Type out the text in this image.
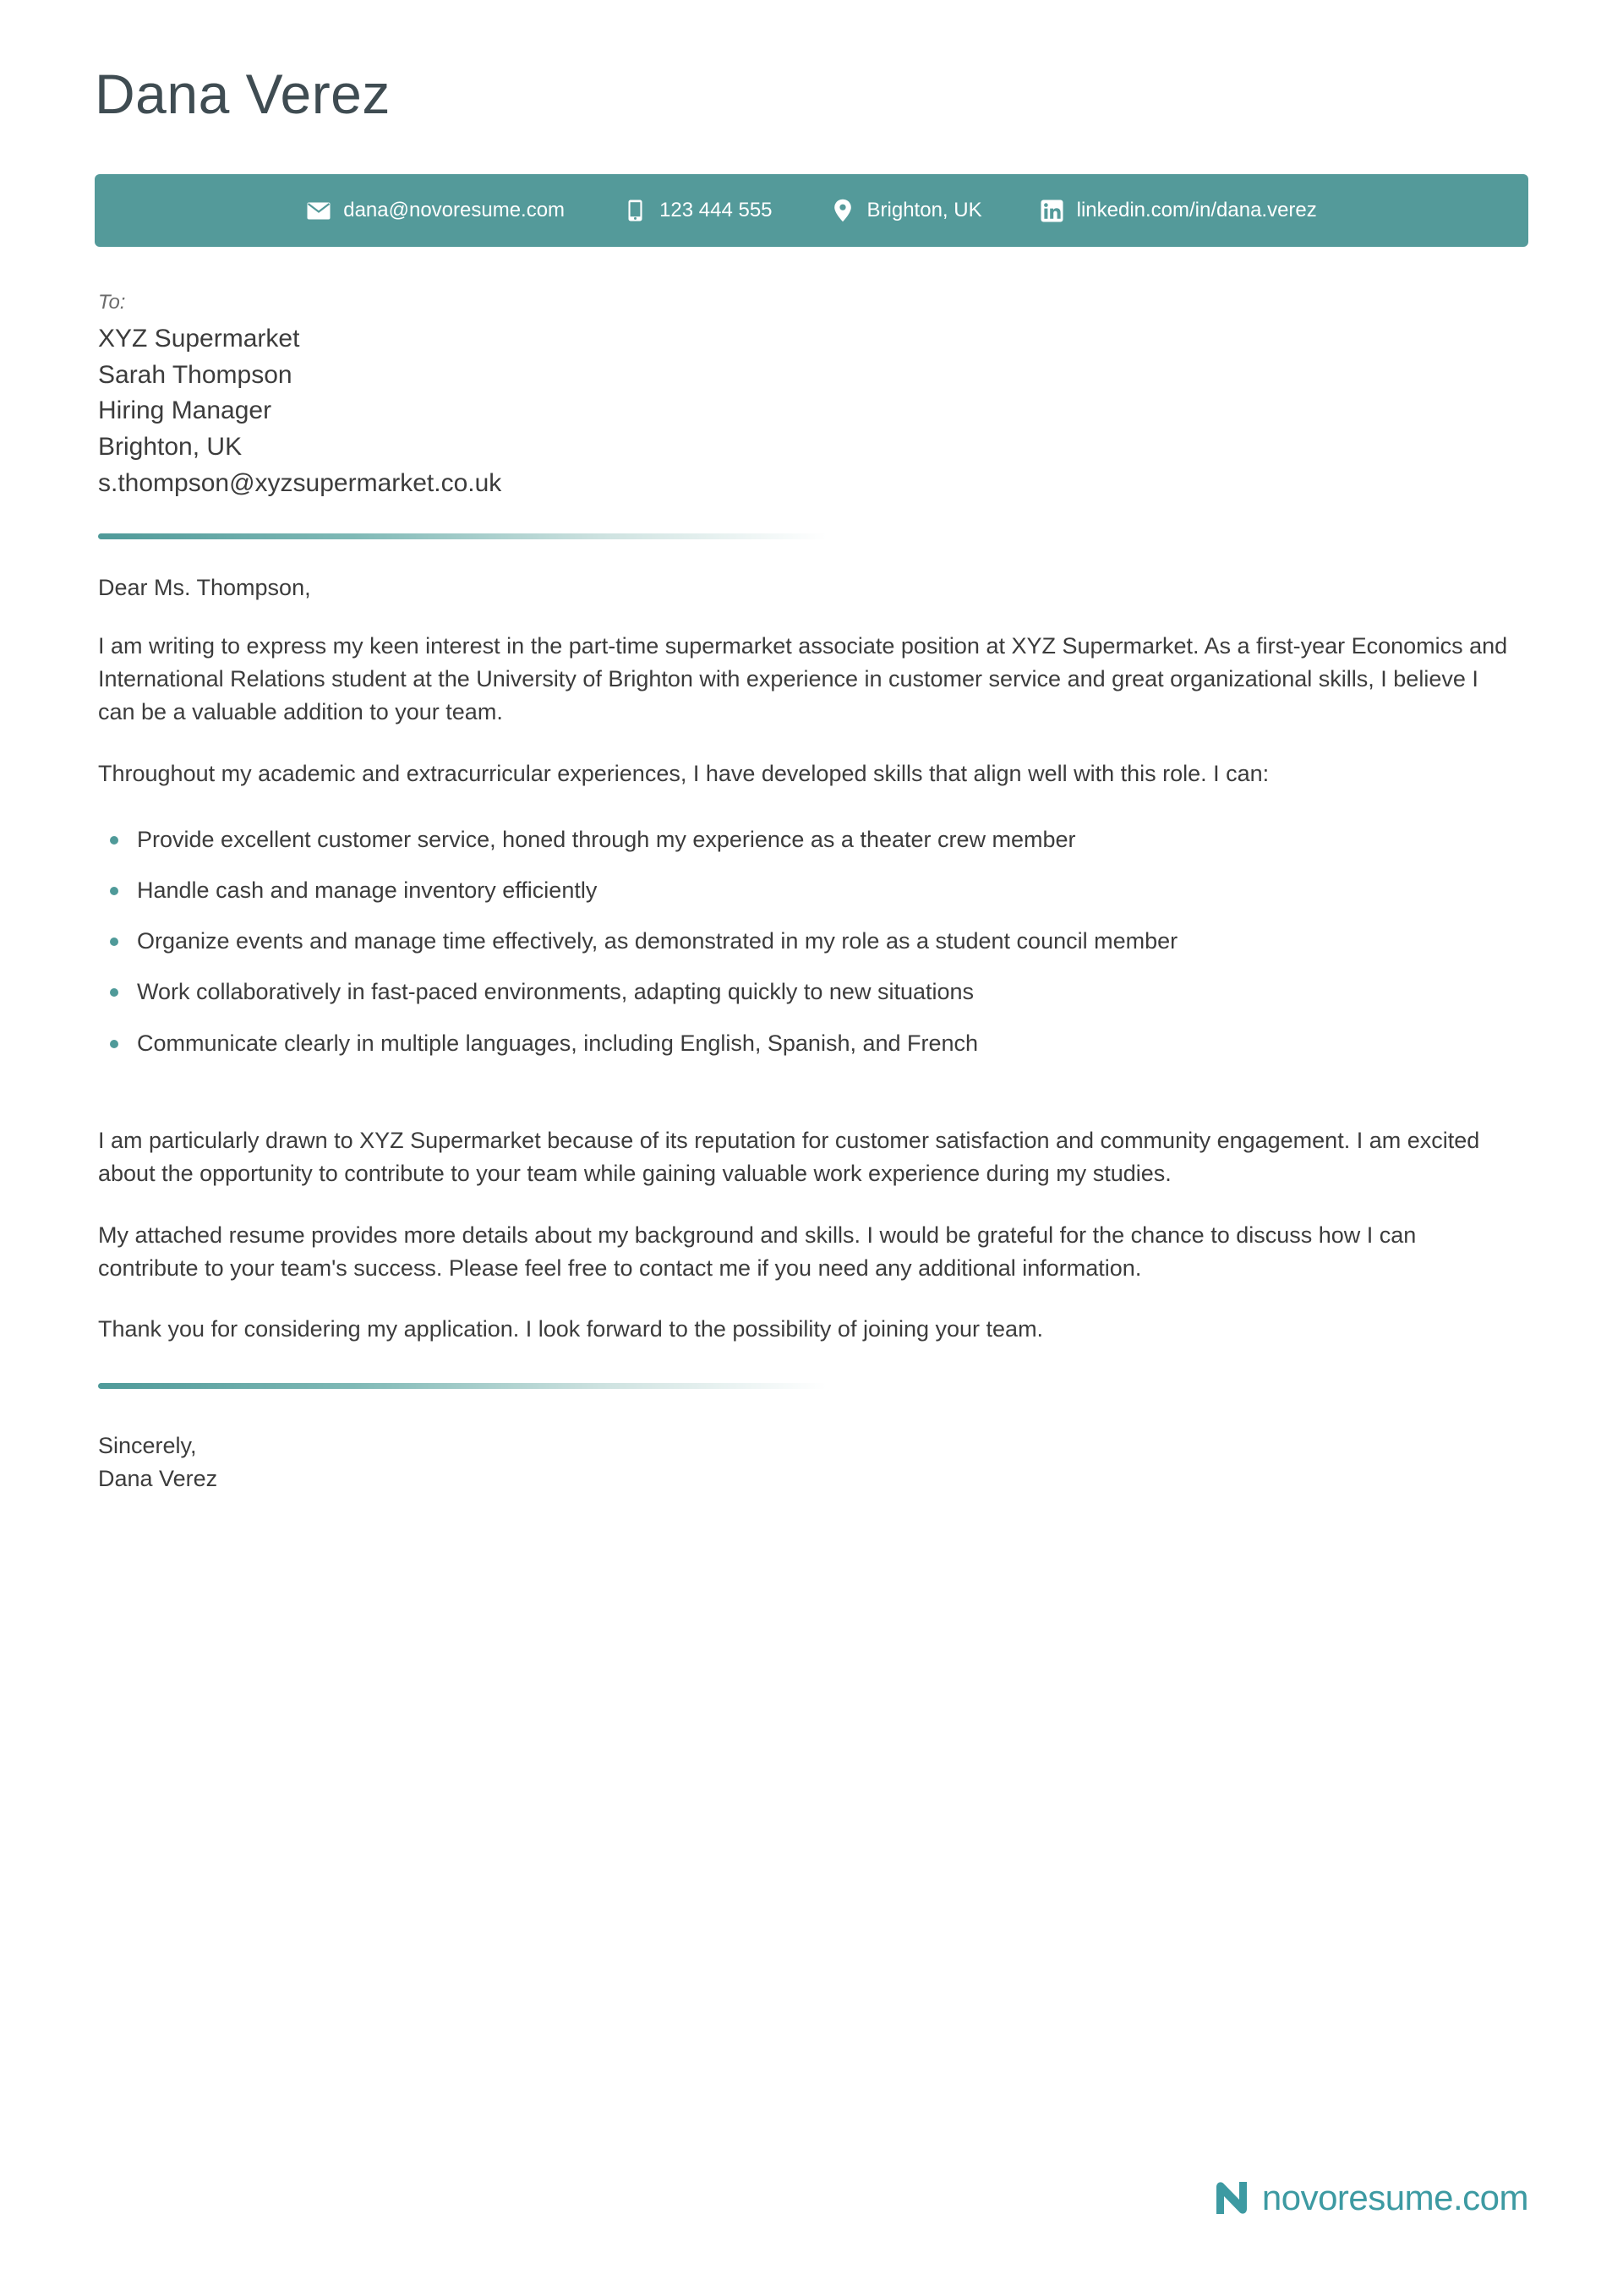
Dana Verez
dana@novoresume.com	123 444 555	Brighton, UK	linkedin.com/in/dana.verez
To:
XYZ Supermarket
Sarah Thompson
Hiring Manager
Brighton, UK
s.thompson@xyzsupermarket.co.uk
Dear Ms. Thompson,

I am writing to express my keen interest in the part-time supermarket associate position at XYZ Supermarket. As a first-year Economics and International Relations student at the University of Brighton with experience in customer service and great organizational skills, I believe I can be a valuable addition to your team.

Throughout my academic and extracurricular experiences, I have developed skills that align well with this role. I can:

Provide excellent customer service, honed through my experience as a theater crew member
Handle cash and manage inventory efficiently
Organize events and manage time effectively, as demonstrated in my role as a student council member
Work collaboratively in fast-paced environments, adapting quickly to new situations
Communicate clearly in multiple languages, including English, Spanish, and French

I am particularly drawn to XYZ Supermarket because of its reputation for customer satisfaction and community engagement. I am excited about the opportunity to contribute to your team while gaining valuable work experience during my studies.

My attached resume provides more details about my background and skills. I would be grateful for the chance to discuss how I can contribute to your team's success. Please feel free to contact me if you need any additional information.

Thank you for considering my application. I look forward to the possibility of joining your team.

Sincerely,
Dana Verez
novoresume.com
